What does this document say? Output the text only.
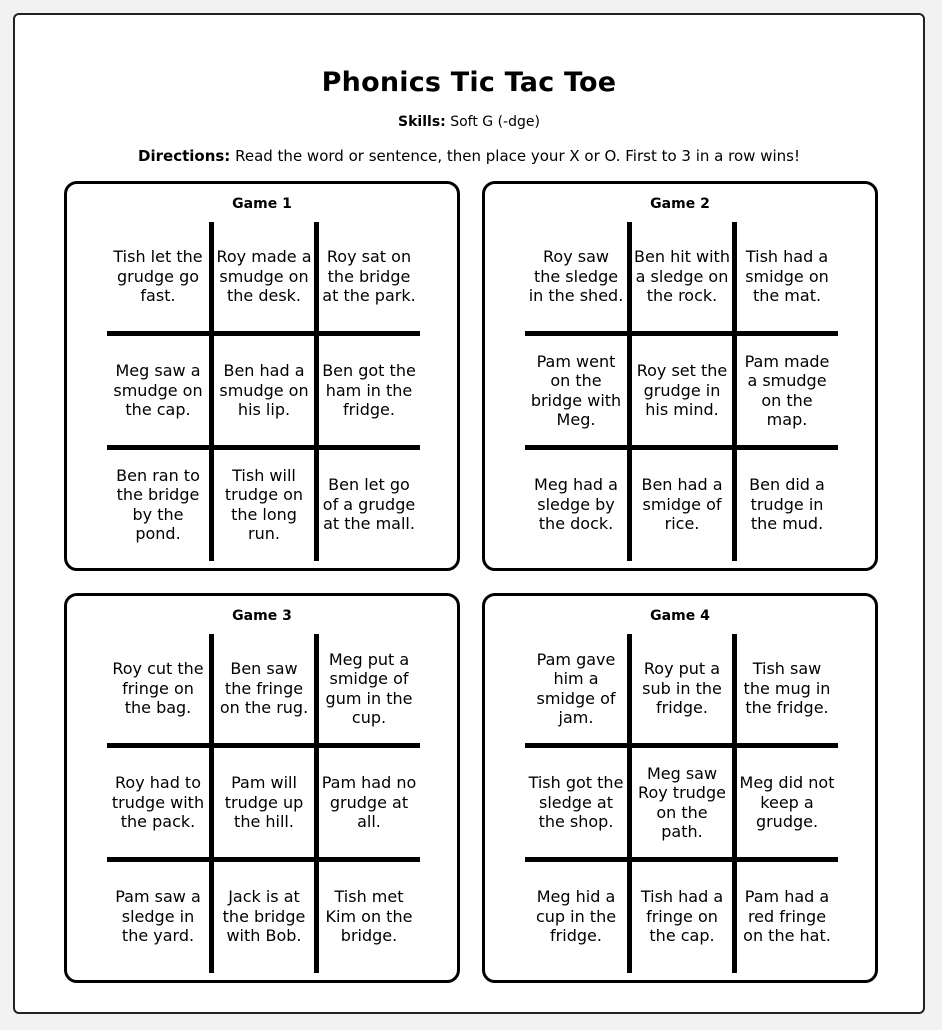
Phonics Tic Tac Toe
Skills: Soft G (-dge)
Directions: Read the word or sentence, then place your X or O. First to 3 in a row wins!
Game 1
Tish let the grudge go fast.
Roy made a smudge on the desk.
Roy sat on the bridge at the park.
Meg saw a smudge on the cap.
Ben had a smudge on his lip.
Ben got the ham in the fridge.
Ben ran to the bridge by the pond.
Tish will trudge on the long run.
Ben let go of a grudge at the mall.
Game 2
Roy saw the sledge in the shed.
Ben hit with a sledge on the rock.
Tish had a smidge on the mat.
Pam went on the bridge with Meg.
Roy set the grudge in his mind.
Pam made a smudge on the map.
Meg had a sledge by the dock.
Ben had a smidge of rice.
Ben did a trudge in the mud.
Game 3
Roy cut the fringe on the bag.
Ben saw the fringe on the rug.
Meg put a smidge of gum in the cup.
Roy had to trudge with the pack.
Pam will trudge up the hill.
Pam had no grudge at all.
Pam saw a sledge in the yard.
Jack is at the bridge with Bob.
Tish met Kim on the bridge.
Game 4
Pam gave him a smidge of jam.
Roy put a sub in the fridge.
Tish saw the mug in the fridge.
Tish got the sledge at the shop.
Meg saw Roy trudge on the path.
Meg did not keep a grudge.
Meg hid a cup in the fridge.
Tish had a fringe on the cap.
Pam had a red fringe on the hat.
